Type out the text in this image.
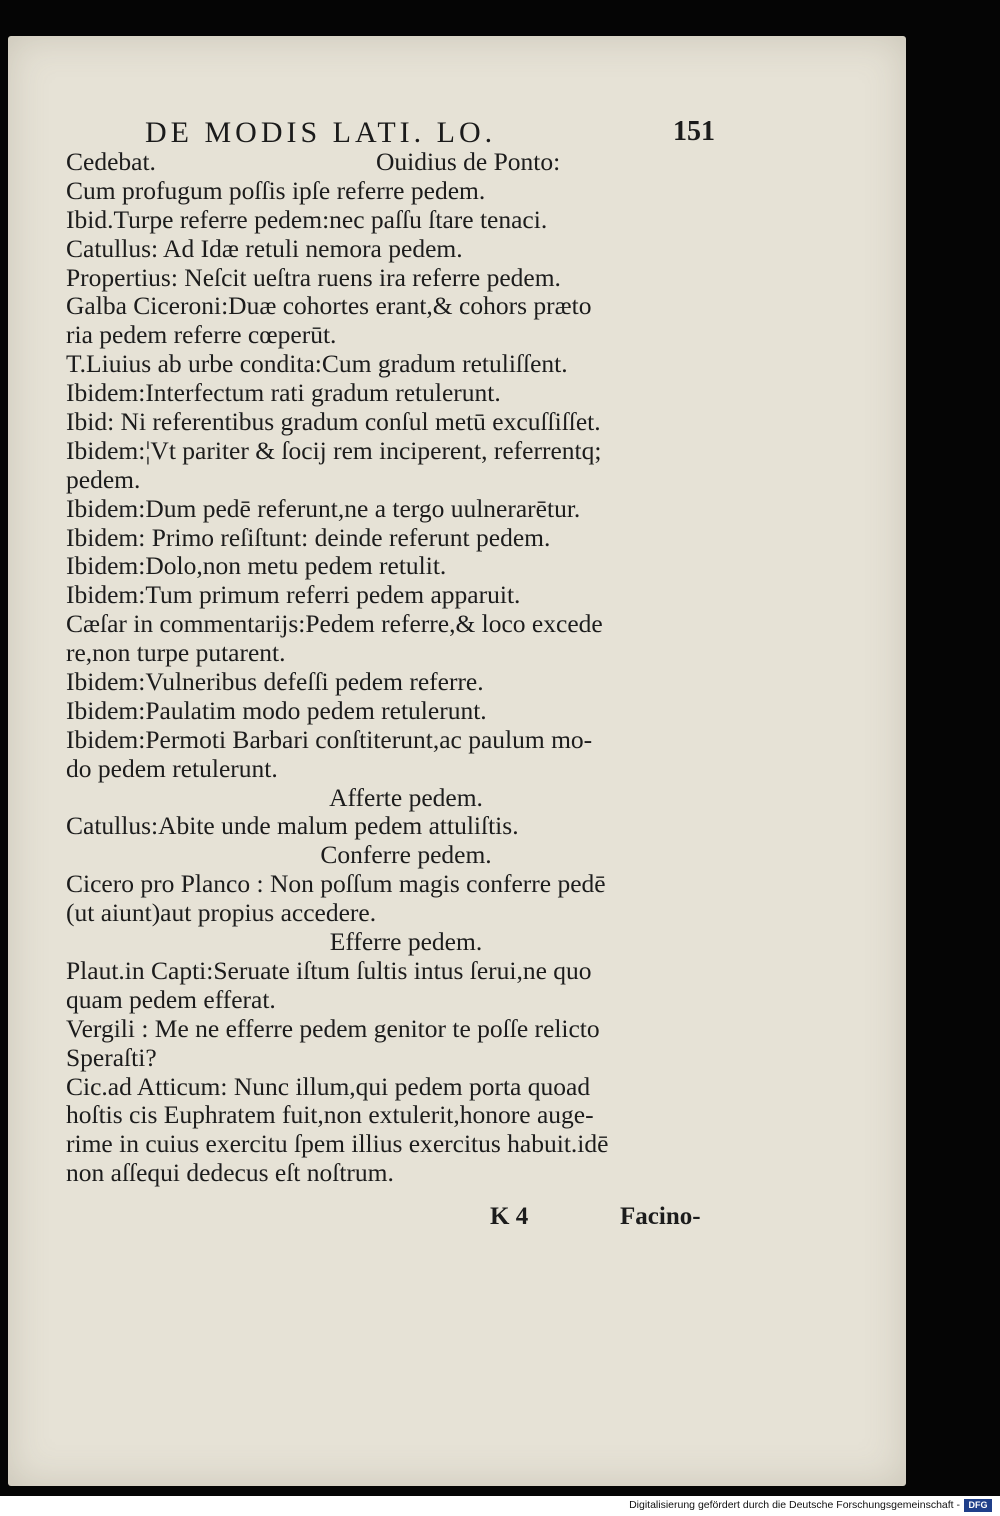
DE MODIS LATI. LO.	151
Cedebat.	Ouidius de Ponto:
Cum profugum poſſis ipſe referre pedem.
Ibid.Turpe referre pedem:nec paſſu ſtare tenaci.
Catullus: Ad Idæ retuli nemora pedem.
Propertius: Neſcit ueſtra ruens ira referre pedem.
Galba Ciceroni:Duæ cohortes erant,& cohors præto
ria pedem referre cœperūt.
T.Liuius ab urbe condita:Cum gradum retuliſſent.
Ibidem:Interfectum rati gradum retulerunt.
Ibid: Ni referentibus gradum conſul metū excuſſiſſet.
Ibidem:¦Vt pariter & ſocij rem inciperent, referrentq;
pedem.
Ibidem:Dum pedē referunt,ne a tergo uulnerarētur.
Ibidem: Primo reſiſtunt: deinde referunt pedem.
Ibidem:Dolo,non metu pedem retulit.
Ibidem:Tum primum referri pedem apparuit.
Cæſar in commentarijs:Pedem referre,& loco excede
re,non turpe putarent.
Ibidem:Vulneribus defeſſi pedem referre.
Ibidem:Paulatim modo pedem retulerunt.
Ibidem:Permoti Barbari conſtiterunt,ac paulum mo-
do pedem retulerunt.
Afferte pedem.
Catullus:Abite unde malum pedem attuliſtis.
Conferre pedem.
Cicero pro Planco : Non poſſum magis conferre pedē
(ut aiunt)aut propius accedere.
Efferre pedem.
Plaut.in Capti:Seruate iſtum ſultis intus ſerui,ne quo
quam pedem efferat.
Vergili : Me ne efferre pedem genitor te poſſe relicto
Speraſti?
Cic.ad Atticum: Nunc illum,qui pedem porta quoad
hoſtis cis Euphratem fuit,non extulerit,honore auge-
rime in cuius exercitu ſpem illius exercitus habuit.idē
non aſſequi dedecus eſt noſtrum.
K 4	Facino-
Digitalisierung gefördert durch die Deutsche Forschungsgemeinschaft - DFG
